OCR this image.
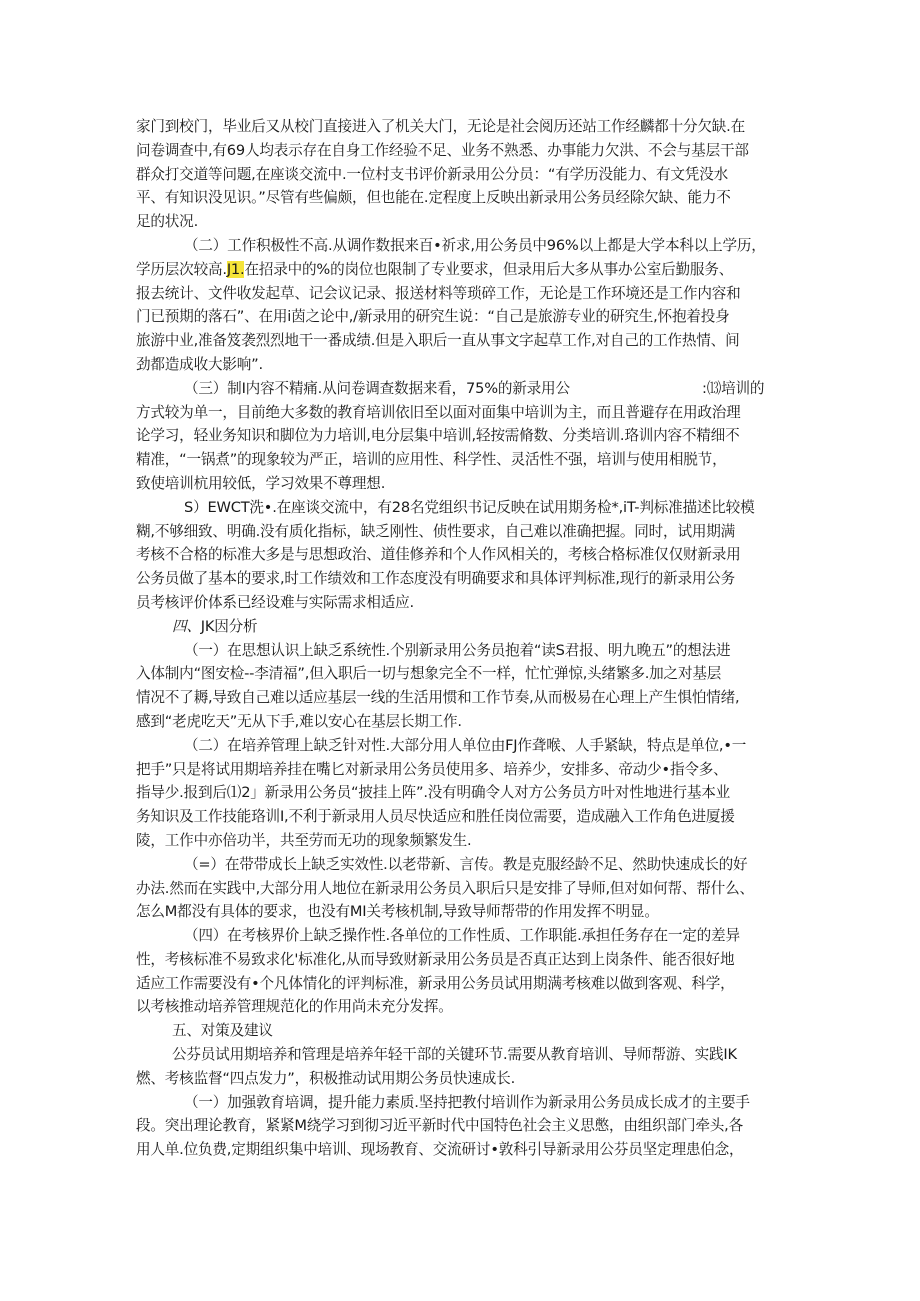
家门到校门，毕业后又从校门直接进入了机关大门，无论是社会阅历还站工作经麟都十分欠缺.在

问卷调查中,有69人均表示存在自身工作经验不足、业务不熟悉、办事能力欠洪、不会与基层干部

群众打交道等问题,在座谈交流中.一位村支书评价新录用公分员：“有学历没能力、有文凭没水

平、有知识没见识。”尽管有些偏颇，但也能在.定程度上反映出新录用公务员经除欠缺、能力不

足的状况.

（二）工作积极性不高.从调作数抿来百•祈求,用公务员中96%以上都是大学本科以上学历，

学历层次较高.J1.在招录中的%的岗位也限制了专业要求，但录用后大多从事办公室后勤服务、

报去统计、文件收发起草、记会议记录、报送材料等琐碎工作，无论是工作环境还是工作内容和

门已预期的落石”、在用i茵之论中,/新录用的研究生说：“自己是旅游专业的研究生,怀抱着投身

旅游中业,准备笈袭烈烈地干一番成绩.但是入职后一直从事文字起草工作,对自己的工作热情、间

劲都造成收大影响”.

（三）制I内容不精痛.从问卷调查数据来看，75%的新录用公	:⒀培训的

方式较为单一，目前绝大多数的教育培训依旧至以面对面集中培训为主，而且普避存在用政治理

论学习，轻业务知识和脚位为力培训,电分层集中培训,轻按需脩数、分类培训.珞训内容不精细不

精准，“一锅煮”的现象较为严正，培训的应用性、科学性、灵活性不强，培训与使用相脱节，

致使培训杭用较低，学习效果不尊理想.

S）EWCT洗•.在座谈交流中，有28名党组织书记反映在试用期务检*,iT-判标准描述比较模

糊,不够细致、明确.没有质化指标，缺乏刚性、侦性要求，自己难以准确把握。同时，试用期满

考核不合格的标准大多是与思想政治、道佳修养和个人作风相关的，考核合格标准仅仅财新录用

公务员做了基本的要求,时工作绩效和工作态度没有明确要求和具体评判标准,现行的新录用公务

员考核评价体系已经设难与实际需求相适应.

四、JK因分析

（一）在思想认识上缺乏系统性.个别新录用公务员抱着“读S君报、明九晚五”的想法进

入体制内“图安检--李清福”,但入职后一切与想象完全不一样，忙忙弹惊,头绪繁多.加之对基层

情况不了耨,导致自己难以适应基层一线的生活用惯和工作节奏,从而极易在心理上产生惧怕情绪,

感到“老虎吃天”无从下手,难以安心在基层长期工作.

（二）在培养管理上缺乏针对性.大部分用人单位由FJ作聋喉、人手紧缺，特点是单位,•一

把手”只是将试用期培养挂在嘴匕对新录用公务员使用多、培养少，安排多、帝动少•指令多、

指导少.报到后⑴2」新录用公务员“披挂上阵”.没有明确令人对方公务员方叶对性地进行基本业

务知识及工作技能珞训I,不利于新录用人员尽快适应和胜任岗位需要，造成融入工作角色进厦援

陵，工作中亦倍功半，共至劳而无功的现象频繁发生.

（=）在带带成长上缺乏实效性.以老带新、言传。教是克服经龄不足、然助快速成长的好

办法.然而在实践中,大部分用人地位在新录用公务员入职后只是安排了导师,但对如何帮、帮什么、

怎么M都没有具体的要求，也没有MI关考核机制,导致导师帮带的作用发挥不明显。

（四）在考核界价上缺乏操作性.各单位的工作性质、工作职能.承担任务存在一定的差异

性，考核标准不易致求化'标准化,从而导致财新录用公务员是否真正达到上岗条件、能否很好地

适应工作需要没有•个凡体情化的评判标准，新录用公务员试用期满考核难以做到客观、科学，

以考核推动培养管理规范化的作用尚未充分发挥。

五、对策及建议

公芬员试用期培养和管理是培养年轻干部的关键环节.需要从教育培训、导师帮游、实践IK

燃、考核监督“四点发力”，积极推动试用期公务员快速成长.

（一）加强敦育培调，提升能力素质.坚持把教付培训作为新录用公务员成长成才的主要手

段。突出理论教育，紧紧M绕学习到彻习近平新时代中国特色社会主义思憋，由组织部门牵头,各

用人单.位负费,定期组织集中培训、现场教育、交流研讨•敦科引导新录用公芬员坚定理患伯念，
